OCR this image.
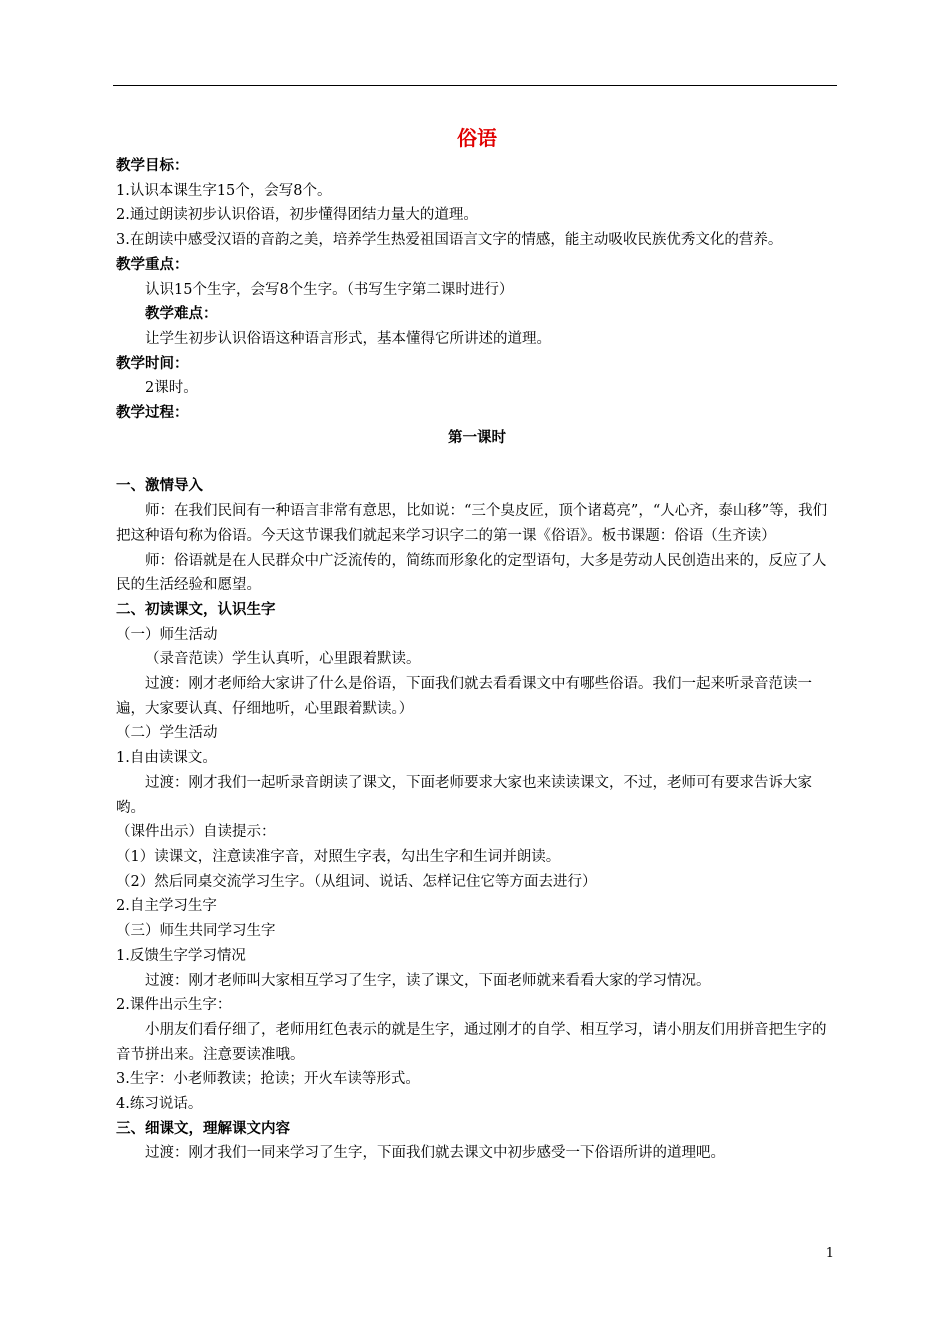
俗语

教学目标：

1.认识本课生字15个，会写8个。

2.通过朗读初步认识俗语，初步懂得团结力量大的道理。

3.在朗读中感受汉语的音韵之美，培养学生热爱祖国语言文字的情感，能主动吸收民族优秀文化的营养。

教学重点：

认识15个生字，会写8个生字。（书写生字第二课时进行）

教学难点：

让学生初步认识俗语这种语言形式，基本懂得它所讲述的道理。

教学时间：

2课时。

教学过程：

第一课时

一、激情导入

师：在我们民间有一种语言非常有意思，比如说：“三个臭皮匠，顶个诸葛亮”，“人心齐，泰山移”等，我们把这种语句称为俗语。今天这节课我们就起来学习识字二的第一课《俗语》。板书课题：俗语（生齐读）

师：俗语就是在人民群众中广泛流传的，简练而形象化的定型语句，大多是劳动人民创造出来的，反应了人民的生活经验和愿望。

二、初读课文，认识生字

（一）师生活动

（录音范读）学生认真听，心里跟着默读。

过渡：刚才老师给大家讲了什么是俗语，下面我们就去看看课文中有哪些俗语。我们一起来听录音范读一遍，大家要认真、仔细地听，心里跟着默读。）

（二）学生活动

1.自由读课文。

过渡：刚才我们一起听录音朗读了课文，下面老师要求大家也来读读课文，不过，老师可有要求告诉大家哟。

（课件出示）自读提示：

（1）读课文，注意读准字音，对照生字表，勾出生字和生词并朗读。

（2）然后同桌交流学习生字。（从组词、说话、怎样记住它等方面去进行）

2.自主学习生字

（三）师生共同学习生字

1.反馈生字学习情况

过渡：刚才老师叫大家相互学习了生字，读了课文，下面老师就来看看大家的学习情况。

2.课件出示生字：

小朋友们看仔细了，老师用红色表示的就是生字，通过刚才的自学、相互学习，请小朋友们用拼音把生字的音节拼出来。注意要读准哦。

3.生字：小老师教读；抢读；开火车读等形式。

4.练习说话。

三、细课文，理解课文内容

过渡：刚才我们一同来学习了生字，下面我们就去课文中初步感受一下俗语所讲的道理吧。

1
